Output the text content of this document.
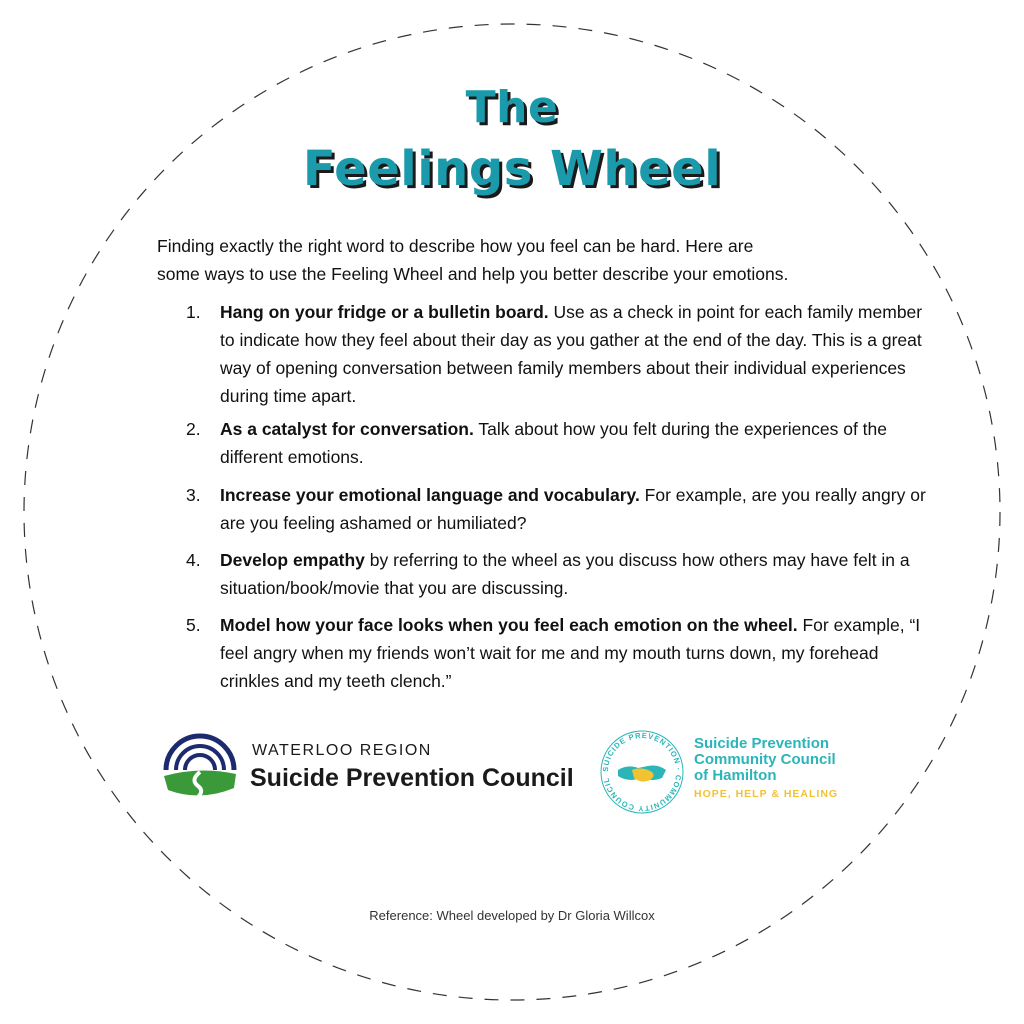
The
Feelings Wheel

Finding exactly the right word to describe how you feel can be hard. Here are
some ways to use the Feeling Wheel and help you better describe your emotions.

1.	Hang on your fridge or a bulletin board. Use as a check in point for each family member to indicate how they feel about their day as you gather at the end of the day. This is a great way of opening conversation between family members about their individual experiences during time apart.
2.	As a catalyst for conversation. Talk about how you felt during the experiences of the different emotions.
3.	Increase your emotional language and vocabulary. For example, are you really angry or are you feeling ashamed or humiliated?
4.	Develop empathy by referring to the wheel as you discuss how others may have felt in a situation/book/movie that you are discussing.
5.	Model how your face looks when you feel each emotion on the wheel. For example, “I feel angry when my friends won’t wait for me and my mouth turns down, my forehead crinkles and my teeth clench.”
WATERLOO REGION
Suicide Prevention Council	SUICIDE PREVENTION · COMMUNITY COUNCIL
Suicide Prevention
Community Council
of Hamilton
HOPE, HELP & HEALING

Reference: Wheel developed by Dr Gloria Willcox
